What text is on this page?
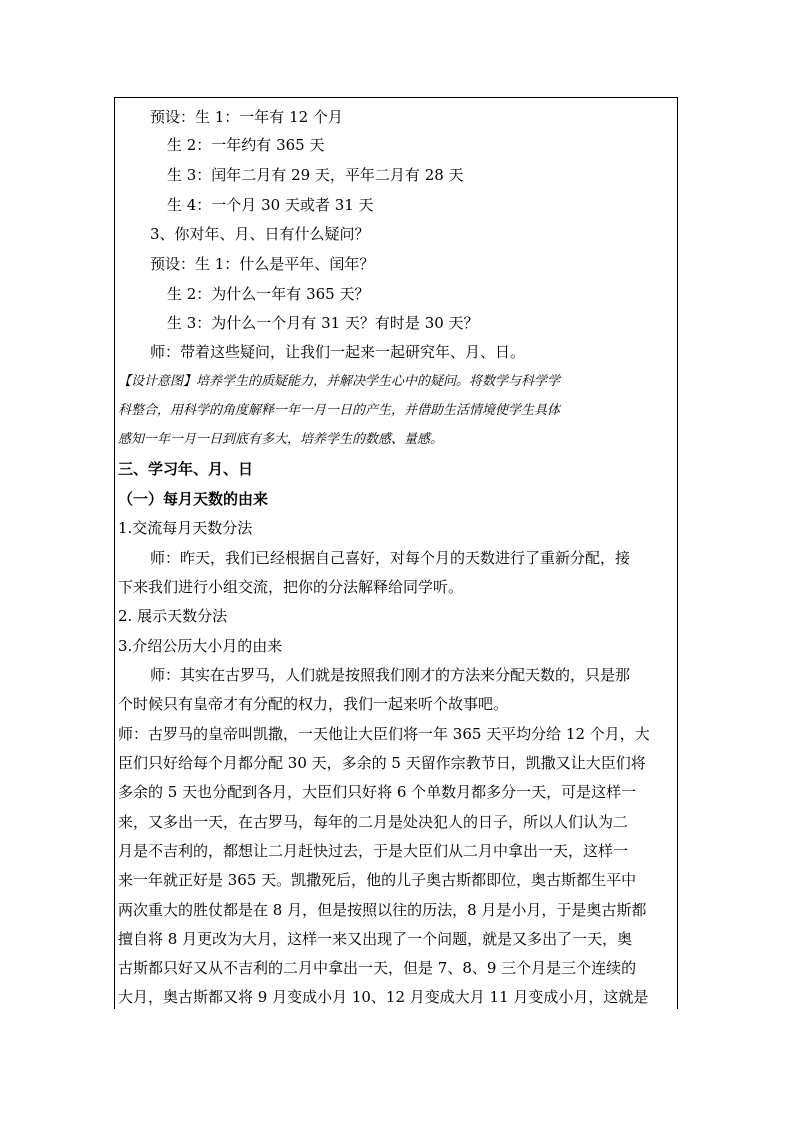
预设：生 1：一年有 12 个月
生 2：一年约有 365 天
生 3：闰年二月有 29 天，平年二月有 28 天
生 4：一个月 30 天或者 31 天
3、你对年、月、日有什么疑问？
预设：生 1：什么是平年、闰年？
生 2：为什么一年有 365 天？
生 3：为什么一个月有 31 天？有时是 30 天？
师：带着这些疑问，让我们一起来一起研究年、月、日。
【设计意图】培养学生的质疑能力，并解决学生心中的疑问。将数学与科学学
科整合，用科学的角度解释一年一月一日的产生，并借助生活情境使学生具体
感知一年一月一日到底有多大，培养学生的数感、量感。
三、学习年、月、日
（一）每月天数的由来
1.交流每月天数分法
师：昨天，我们已经根据自己喜好，对每个月的天数进行了重新分配，接
下来我们进行小组交流，把你的分法解释给同学听。
2. 展示天数分法
3.介绍公历大小月的由来
师：其实在古罗马，人们就是按照我们刚才的方法来分配天数的，只是那
个时候只有皇帝才有分配的权力，我们一起来听个故事吧。
师：古罗马的皇帝叫凯撒，一天他让大臣们将一年 365 天平均分给 12 个月，大
臣们只好给每个月都分配 30 天，多余的 5 天留作宗教节日，凯撒又让大臣们将
多余的 5 天也分配到各月，大臣们只好将 6 个单数月都多分一天，可是这样一
来，又多出一天，在古罗马，每年的二月是处决犯人的日子，所以人们认为二
月是不吉利的，都想让二月赶快过去，于是大臣们从二月中拿出一天，这样一
来一年就正好是 365 天。凯撒死后，他的儿子奥古斯都即位，奥古斯都生平中
两次重大的胜仗都是在 8 月，但是按照以往的历法，8 月是小月，于是奥古斯都
擅自将 8 月更改为大月，这样一来又出现了一个问题，就是又多出了一天，奥
古斯都只好又从不吉利的二月中拿出一天，但是 7、8、9 三个月是三个连续的
大月，奥古斯都又将 9 月变成小月 10、12 月变成大月 11 月变成小月，这就是
